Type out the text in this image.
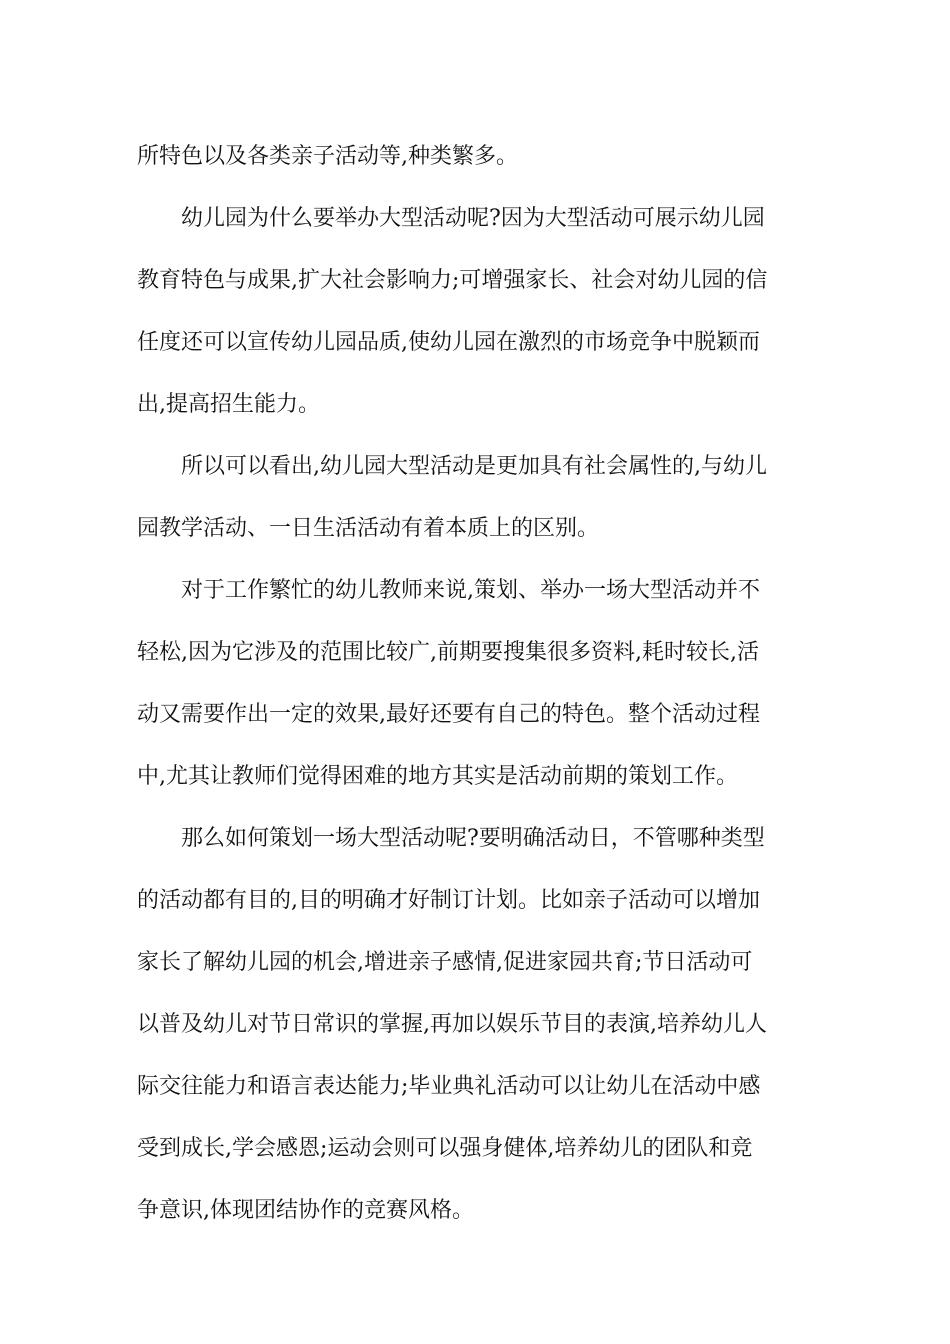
所特色以及各类亲子活动等,种类繁多。
幼儿园为什么要举办大型活动呢?因为大型活动可展示幼儿园
教育特色与成果,扩大社会影响力;可增强家长、社会对幼儿园的信
任度还可以宣传幼儿园品质,使幼儿园在激烈的市场竞争中脱颖而
出,提高招生能力。
所以可以看出,幼儿园大型活动是更加具有社会属性的,与幼儿
园教学活动、一日生活活动有着本质上的区别。
对于工作繁忙的幼儿教师来说,策划、举办一场大型活动并不
轻松,因为它涉及的范围比较广,前期要搜集很多资料,耗时较长,活
动又需要作出一定的效果,最好还要有自己的特色。整个活动过程
中,尤其让教师们觉得困难的地方其实是活动前期的策划工作。
那么如何策划一场大型活动呢?要明确活动日，不管哪种类型
的活动都有目的,目的明确才好制订计划。比如亲子活动可以增加
家长了解幼儿园的机会,增进亲子感情,促进家园共育;节日活动可
以普及幼儿对节日常识的掌握,再加以娱乐节目的表演,培养幼儿人
际交往能力和语言表达能力;毕业典礼活动可以让幼儿在活动中感
受到成长,学会感恩;运动会则可以强身健体,培养幼儿的团队和竞
争意识,体现团结协作的竞赛风格。
